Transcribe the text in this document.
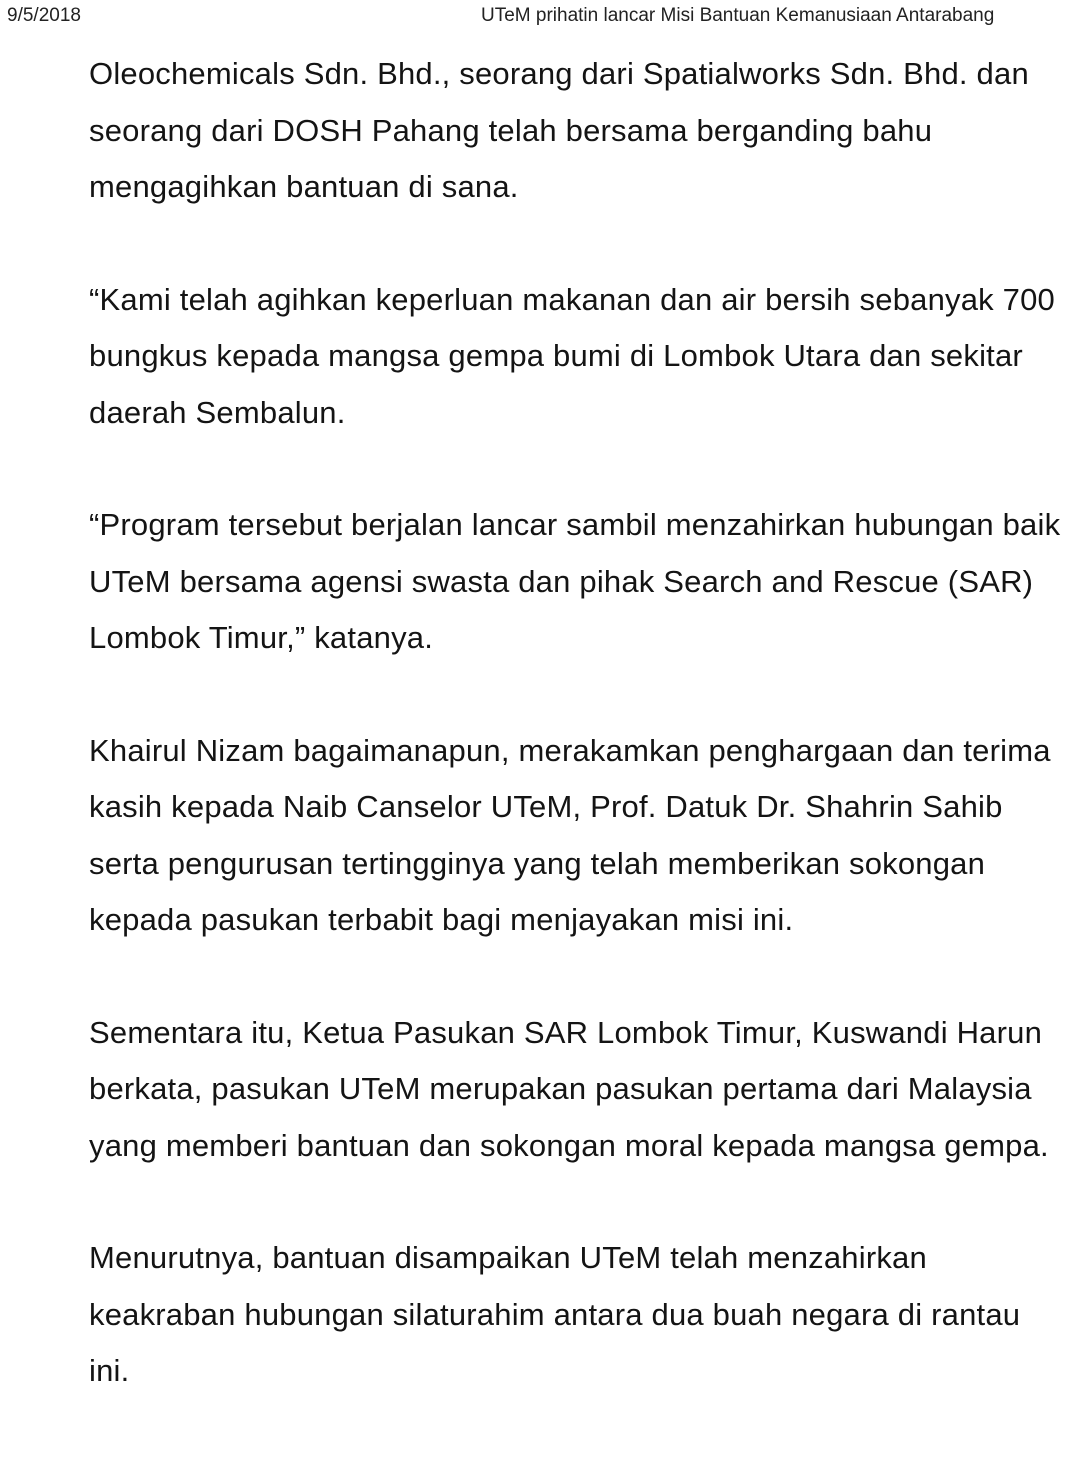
9/5/2018	UTeM prihatin lancar Misi Bantuan Kemanusiaan Antarabang

Oleochemicals Sdn. Bhd., seorang dari Spatialworks Sdn. Bhd. dan seorang dari DOSH Pahang telah bersama berganding bahu mengagihkan bantuan di sana.

“Kami telah agihkan keperluan makanan dan air bersih sebanyak 700 bungkus kepada mangsa gempa bumi di Lombok Utara dan sekitar daerah Sembalun.

“Program tersebut berjalan lancar sambil menzahirkan hubungan baik UTeM bersama agensi swasta dan pihak Search and Rescue (SAR) Lombok Timur,” katanya.

Khairul Nizam bagaimanapun, merakamkan penghargaan dan terima kasih kepada Naib Canselor UTeM, Prof. Datuk Dr. Shahrin Sahib serta pengurusan tertingginya yang telah memberikan sokongan kepada pasukan terbabit bagi menjayakan misi ini.

Sementara itu, Ketua Pasukan SAR Lombok Timur, Kuswandi Harun berkata, pasukan UTeM merupakan pasukan pertama dari Malaysia yang memberi bantuan dan sokongan moral kepada mangsa gempa.

Menurutnya, bantuan disampaikan UTeM telah menzahirkan keakraban hubungan silaturahim antara dua buah negara di rantau ini.
